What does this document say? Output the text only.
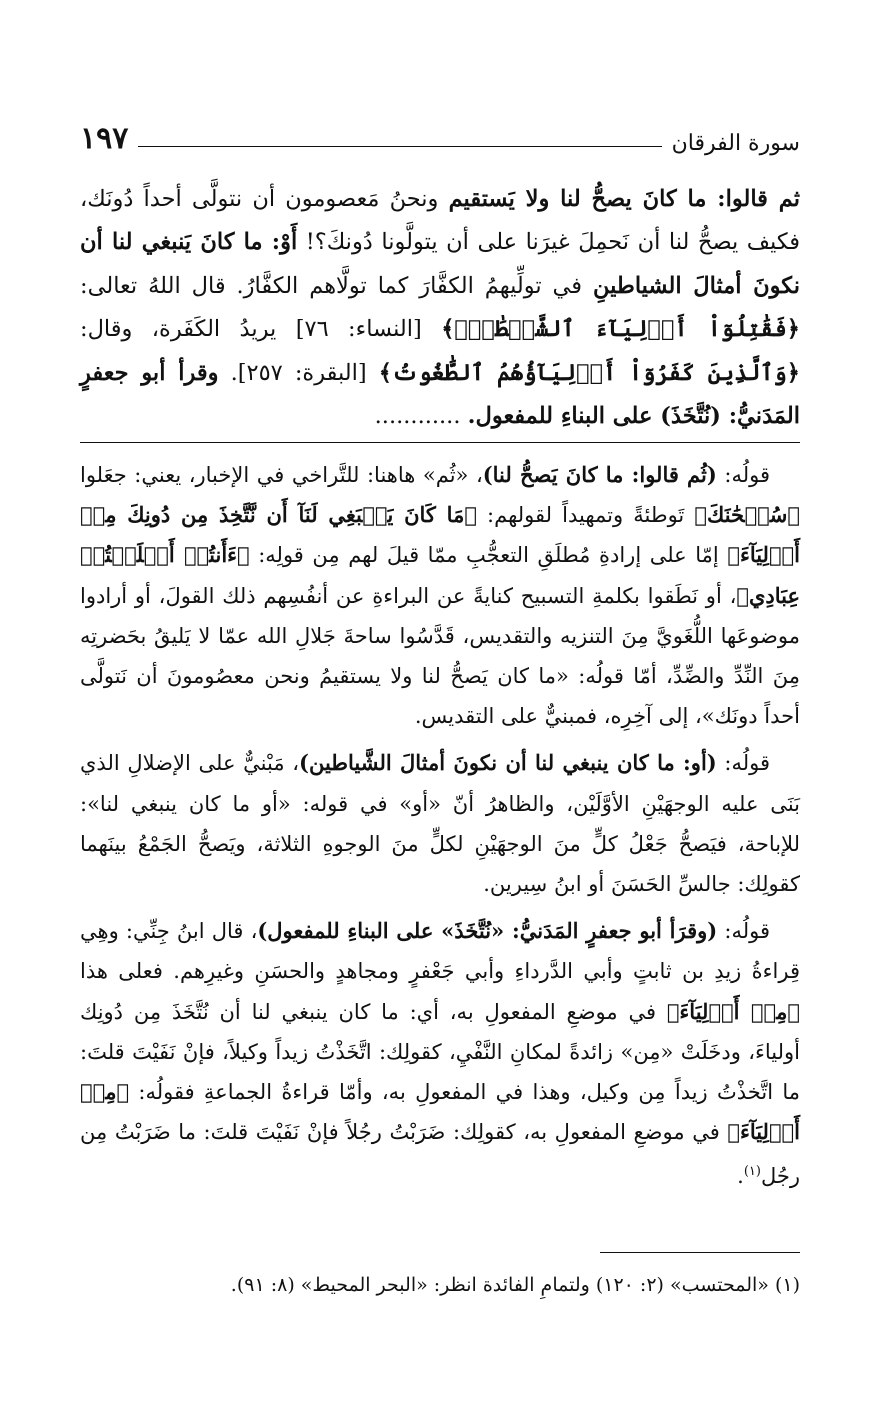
سورة الفرقان
١٩٧

ثم قالوا: ما كانَ يصحُّ لنا ولا يَستقيم ونحنُ مَعصومون أن نتولَّى أحداً دُونَك، فكيف يصحُّ لنا أن نَحمِلَ غيرَنا على أن يتولَّونا دُونكَ؟! أَوْ: ما كانَ يَنبغي لنا أن نكونَ أمثالَ الشياطينِ في تولِّيهمُ الكفَّارَ كما تولَّاهم الكفَّارُ. قال اللهُ تعالى: ﴿فَقَٰتِلُوٓاْ أَوۡلِيَآءَ ٱلشَّيۡطَٰنِۖ﴾ [النساء: ٧٦] يريدُ الكَفَرة، وقال: ﴿وَٱلَّذِينَ كَفَرُوٓاْ أَوۡلِيَآؤُهُمُ ٱلطَّٰغُوتُ﴾ [البقرة: ٢٥٧]. وقرأ أبو جعفرٍ المَدَنيُّ: (نُتَّخَذَ) على البناءِ للمفعول. ............

قولُه: (ثُم قالوا: ما كانَ يَصحُّ لنا)، «ثُم» هاهنا: للتَّراخي في الإخبار، يعني: جعَلوا ﴿سُبۡحَٰنَكَ﴾ تَوطئةً وتمهيداً لقولهم: ﴿مَا كَانَ يَنۢبَغِي لَنَآ أَن نَّتَّخِذَ مِن دُونِكَ مِنۡ أَوۡلِيَآءَ﴾ إمّا على إرادةِ مُطلَقِ التعجُّبِ ممّا قيلَ لهم مِن قولِه: ﴿ءَأَنتُمۡ أَضۡلَلۡتُمۡ عِبَادِي﴾، أو نَطَقوا بكلمةِ التسبيح كنايةً عن البراءةِ عن أنفُسِهم ذلك القولَ، أو أرادوا موضوعَها اللُّغَويَّ مِنَ التنزيه والتقديس، قَدَّسُوا ساحةَ جَلالِ الله عمّا لا يَليقُ بحَضرتِه مِنَ النِّدِّ والضِّدِّ، أمّا قولُه: «ما كان يَصحُّ لنا ولا يستقيمُ ونحن معصُومونَ أن نَتولَّى أحداً دونَك»، إلى آخِرِه، فمبنيٌّ على التقديس.

قولُه: (أو: ما كان ينبغي لنا أن نكونَ أمثالَ الشَّياطين)، مَبْنيٌّ على الإضلالِ الذي بَنَى عليه الوجهَيْنِ الأوَّلَيْن، والظاهرُ أنّ «أو» في قوله: «أو ما كان ينبغي لنا»: للإباحة، فيَصحُّ جَعْلُ كلٍّ منَ الوجهَيْنِ لكلٍّ منَ الوجوهِ الثلاثة، ويَصحُّ الجَمْعُ بينَهما كقولِك: جالسِّ الحَسَنَ أو ابنُ سِيرين.

قولُه: (وقرَأ أبو جعفرٍ المَدَنيُّ: «نُتَّخَذَ» على البناءِ للمفعول)، قال ابنُ جِنِّي: وهِي قِراءةُ زيدِ بن ثابتٍ وأبي الدَّرداءِ وأبي جَعْفرٍ ومجاهدٍ والحسَنِ وغيرِهم. فعلى هذا ﴿مِنۡ أَوۡلِيَآءَ﴾ في موضعِ المفعولِ به، أي: ما كان ينبغي لنا أن نُتَّخَذَ مِن دُونِك أولياءَ، ودخَلَتْ «مِن» زائدةً لمكانِ النَّفْيِ، كقولِك: اتَّخَذْتُ زيداً وكيلاً، فإنْ نَفَيْتَ قلتَ: ما اتَّخذْتُ زيداً مِن وكيل، وهذا في المفعولِ به، وأمّا قراءةُ الجماعةِ فقولُه: ﴿مِنۡ أَوۡلِيَآءَ﴾ في موضعِ المفعولِ به، كقولِك: ضَرَبْتُ رجُلاً فإنْ نَفَيْتَ قلتَ: ما ضَرَبْتُ مِن رجُل$^{(١)}$.

(١) «المحتسب» (٢: ١٢٠) ولتمامِ الفائدة انظر: «البحر المحيط» (٨: ٩١).
